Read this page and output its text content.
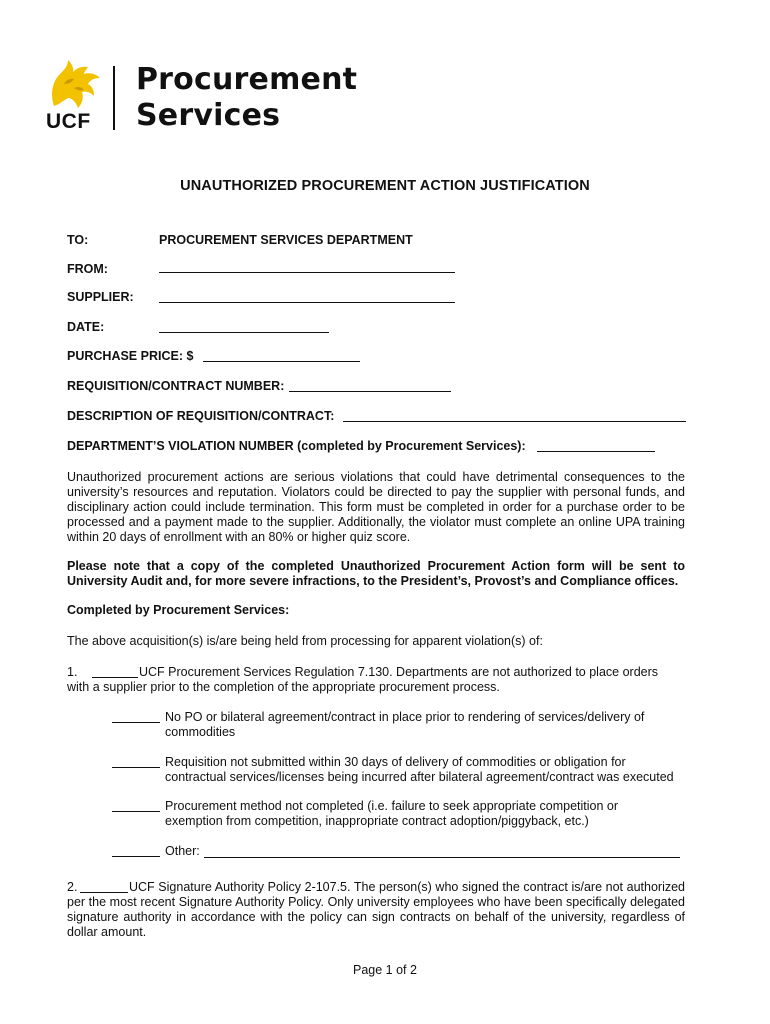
UCF
Procurement
Services
UNAUTHORIZED PROCUREMENT ACTION JUSTIFICATION
TO:	PROCUREMENT SERVICES DEPARTMENT
FROM:
SUPPLIER:
DATE:
PURCHASE PRICE: $
REQUISITION/CONTRACT NUMBER:
DESCRIPTION OF REQUISITION/CONTRACT:
DEPARTMENT’S VIOLATION NUMBER (completed by Procurement Services):
Unauthorized procurement actions are serious violations that could have detrimental consequences to the
university’s resources and reputation. Violators could be directed to pay the supplier with personal funds, and
disciplinary action could include termination. This form must be completed in order for a purchase order to be
processed and a payment made to the supplier. Additionally, the violator must complete an online UPA training
within 20 days of enrollment with an 80% or higher quiz score.
Please note that a copy of the completed Unauthorized Procurement Action form will be sent to
University Audit and, for more severe infractions, to the President’s, Provost’s and Compliance offices.
Completed by Procurement Services:
The above acquisition(s) is/are being held from processing for apparent violation(s) of:
1.	UCF Procurement Services Regulation 7.130. Departments are not authorized to place orders
with a supplier prior to the completion of the appropriate procurement process.
No PO or bilateral agreement/contract in place prior to rendering of services/delivery of
commodities
Requisition not submitted within 30 days of delivery of commodities or obligation for
contractual services/licenses being incurred after bilateral agreement/contract was executed
Procurement method not completed (i.e. failure to seek appropriate competition or
exemption from competition, inappropriate contract adoption/piggyback, etc.)
Other:
2.	UCF Signature Authority Policy 2-107.5. The person(s) who signed the contract is/are not authorized
per the most recent Signature Authority Policy. Only university employees who have been specifically delegated
signature authority in accordance with the policy can sign contracts on behalf of the university, regardless of
dollar amount.
Page 1 of 2
